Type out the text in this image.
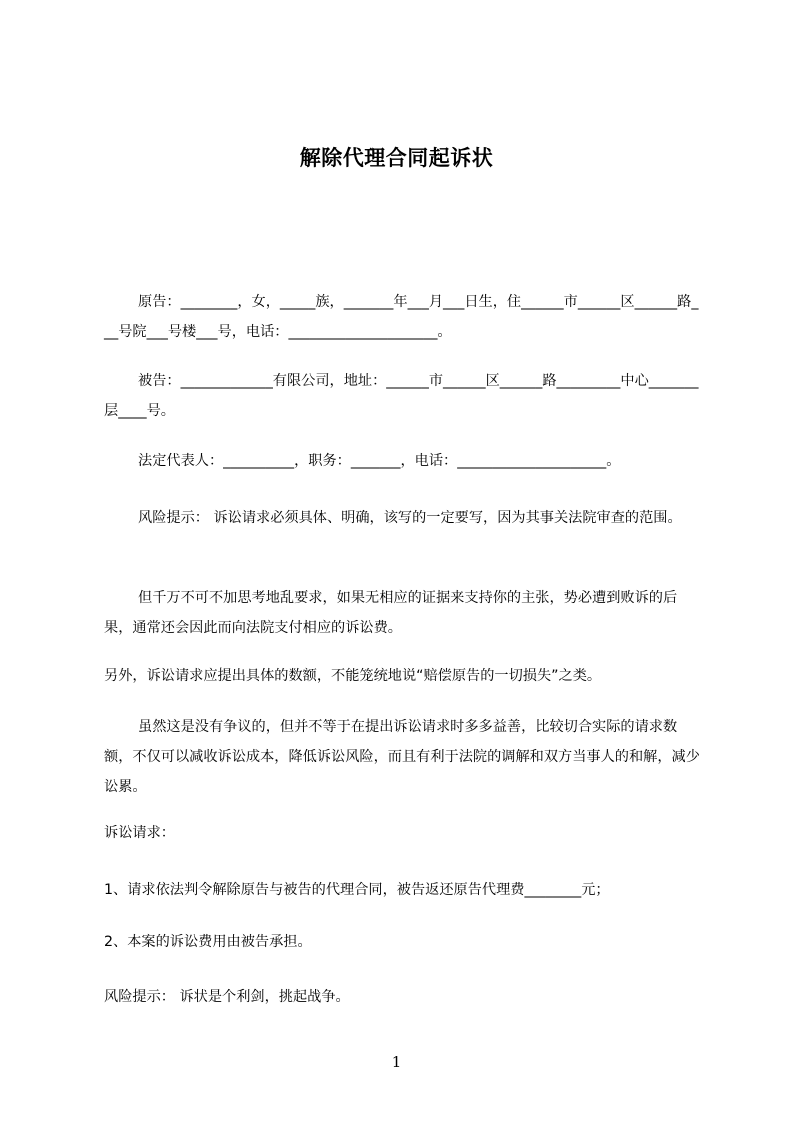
解除代理合同起诉状
原告：________，女，_____族，_______年___月___日生，住______市______区______路___号院___号楼___号，电话：_____________________。
被告：_____________有限公司，地址：______市______区______路_________中心_______层____号。
法定代表人：__________，职务：_______，电话：_____________________。
风险提示： 诉讼请求必须具体、明确，该写的一定要写，因为其事关法院审查的范围。
但千万不可不加思考地乱要求，如果无相应的证据来支持你的主张，势必遭到败诉的后果，通常还会因此而向法院支付相应的诉讼费。
另外，诉讼请求应提出具体的数额，不能笼统地说“赔偿原告的一切损失”之类。
虽然这是没有争议的，但并不等于在提出诉讼请求时多多益善，比较切合实际的请求数额，不仅可以减收诉讼成本，降低诉讼风险，而且有利于法院的调解和双方当事人的和解，减少讼累。
诉讼请求：
1、请求依法判令解除原告与被告的代理合同，被告返还原告代理费________元；
2、本案的诉讼费用由被告承担。
风险提示： 诉状是个利剑，挑起战争。
1
